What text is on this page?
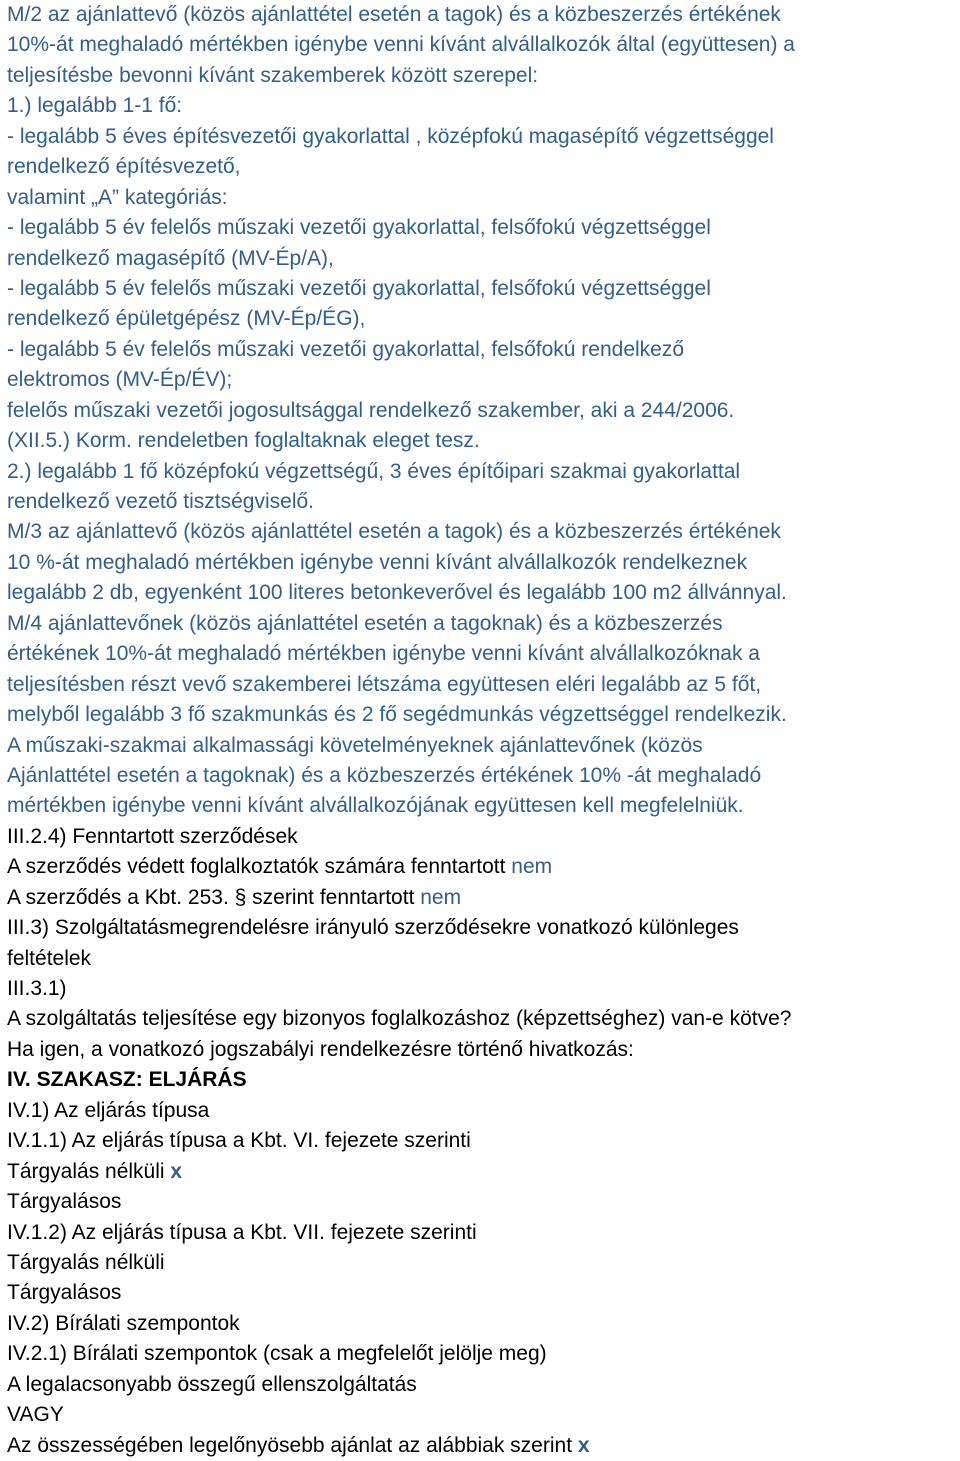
M/2 az ajánlattevő (közös ajánlattétel esetén a tagok) és a közbeszerzés értékének
10%-át meghaladó mértékben igénybe venni kívánt alvállalkozók által (együttesen) a
teljesítésbe bevonni kívánt szakemberek között szerepel:
1.) legalább 1-1 fő:
- legalább 5 éves építésvezetői gyakorlattal , középfokú magasépítő végzettséggel
rendelkező építésvezető,
valamint „A” kategóriás:
- legalább 5 év felelős műszaki vezetői gyakorlattal, felsőfokú végzettséggel
rendelkező magasépítő (MV-Ép/A),
- legalább 5 év felelős műszaki vezetői gyakorlattal, felsőfokú végzettséggel
rendelkező épületgépész (MV-Ép/ÉG),
- legalább 5 év felelős műszaki vezetői gyakorlattal, felsőfokú rendelkező
elektromos (MV-Ép/ÉV);
felelős műszaki vezetői jogosultsággal rendelkező szakember, aki a 244/2006.
(XII.5.) Korm. rendeletben foglaltaknak eleget tesz.
2.) legalább 1 fő középfokú végzettségű, 3 éves építőipari szakmai gyakorlattal
rendelkező vezető tisztségviselő.
M/3 az ajánlattevő (közös ajánlattétel esetén a tagok) és a közbeszerzés értékének
10 %-át meghaladó mértékben igénybe venni kívánt alvállalkozók rendelkeznek
legalább 2 db, egyenként 100 literes betonkeverővel és legalább 100 m2 állvánnyal.
M/4 ajánlattevőnek (közös ajánlattétel esetén a tagoknak) és a közbeszerzés
értékének 10%-át meghaladó mértékben igénybe venni kívánt alvállalkozóknak a
teljesítésben részt vevő szakemberei létszáma együttesen eléri legalább az 5 főt,
melyből legalább 3 fő szakmunkás és 2 fő segédmunkás végzettséggel rendelkezik.
A műszaki-szakmai alkalmassági követelményeknek ajánlattevőnek (közös
Ajánlattétel esetén a tagoknak) és a közbeszerzés értékének 10% -át meghaladó
mértékben igénybe venni kívánt alvállalkozójának együttesen kell megfelelniük.
III.2.4) Fenntartott szerződések
A szerződés védett foglalkoztatók számára fenntartott nem
A szerződés a Kbt. 253. § szerint fenntartott nem
III.3) Szolgáltatásmegrendelésre irányuló szerződésekre vonatkozó különleges
feltételek
III.3.1)
A szolgáltatás teljesítése egy bizonyos foglalkozáshoz (képzettséghez) van-e kötve?
Ha igen, a vonatkozó jogszabályi rendelkezésre történő hivatkozás:
IV. SZAKASZ: ELJÁRÁS
IV.1) Az eljárás típusa
IV.1.1) Az eljárás típusa a Kbt. VI. fejezete szerinti
Tárgyalás nélküli x
Tárgyalásos
IV.1.2) Az eljárás típusa a Kbt. VII. fejezete szerinti
Tárgyalás nélküli
Tárgyalásos
IV.2) Bírálati szempontok
IV.2.1) Bírálati szempontok (csak a megfelelőt jelölje meg)
A legalacsonyabb összegű ellenszolgáltatás
VAGY
Az összességében legelőnyösebb ajánlat az alábbiak szerint x
